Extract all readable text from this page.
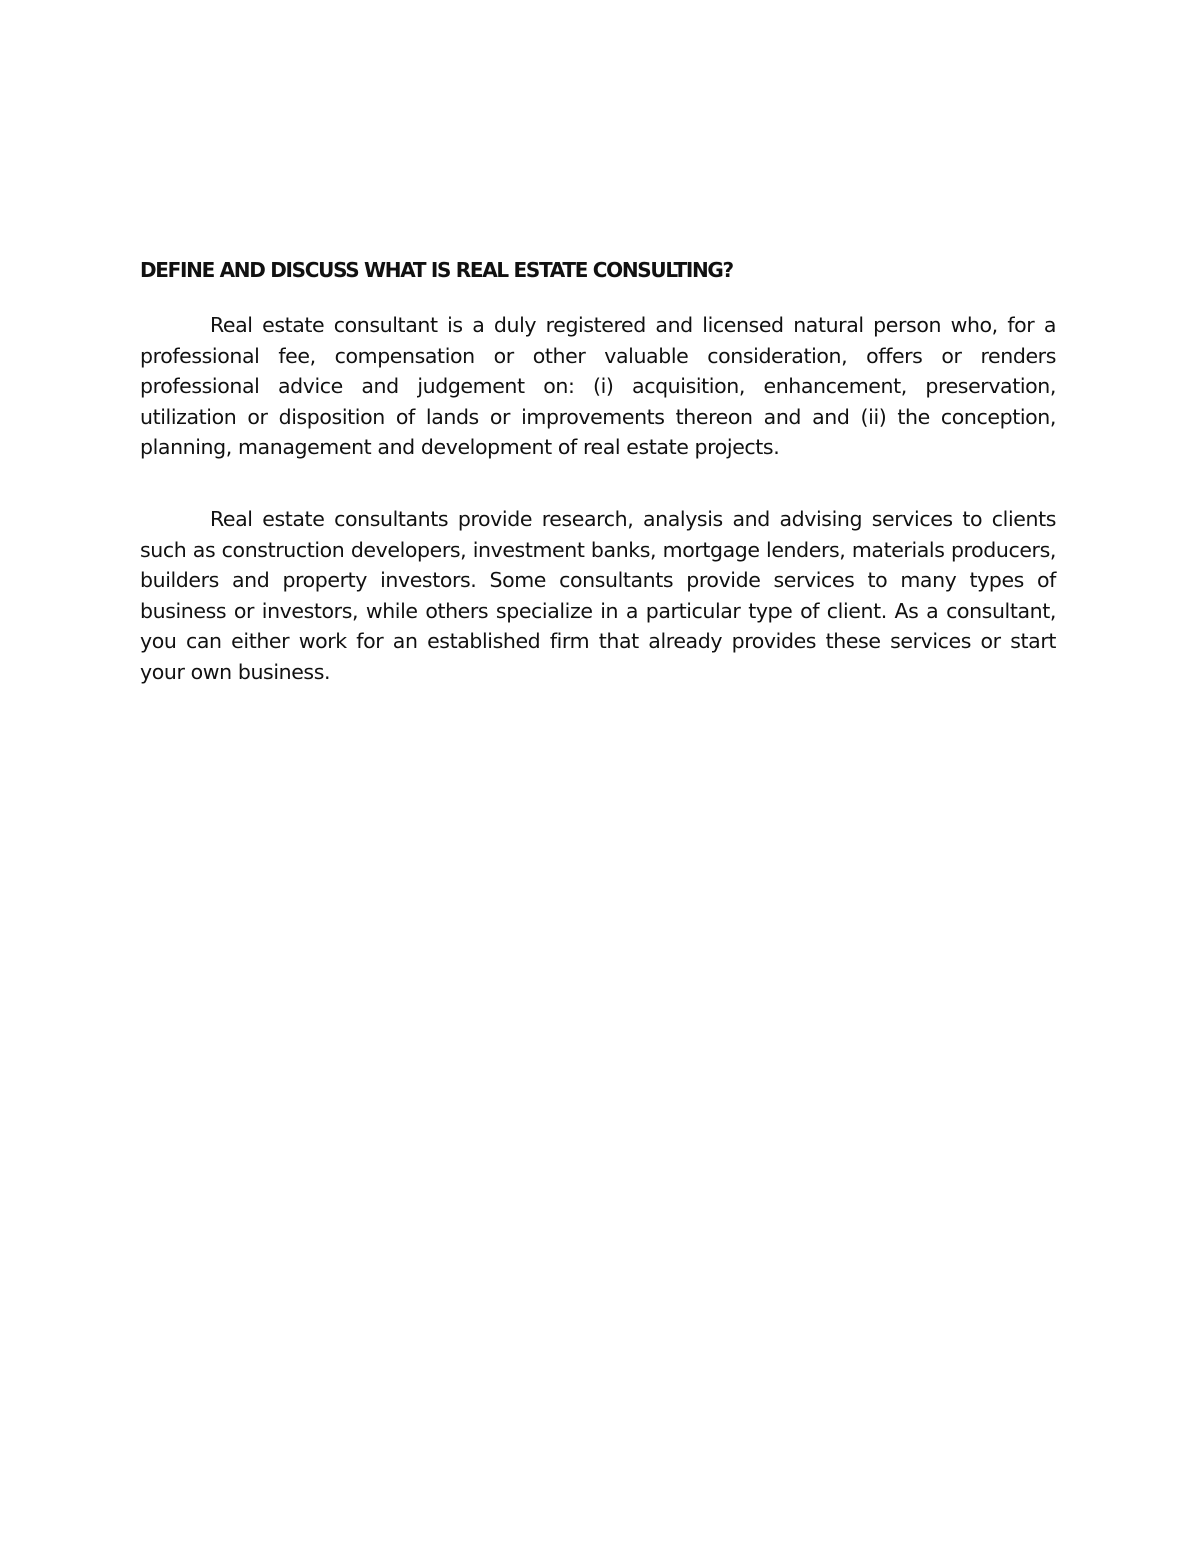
DEFINE AND DISCUSS WHAT IS REAL ESTATE CONSULTING?

Real estate consultant is a duly registered and licensed natural person who, for a professional fee, compensation or other valuable consideration, offers or renders professional advice and judgement on: (i) acquisition, enhancement, preservation, utilization or disposition of lands or improvements thereon and and (ii) the conception, planning, management and development of real estate projects.

Real estate consultants provide research, analysis and advising services to clients such as construction developers, investment banks, mortgage lenders, materials producers, builders and property investors. Some consultants provide services to many types of business or investors, while others specialize in a particular type of client. As a consultant, you can either work for an established firm that already provides these services or start your own business.
